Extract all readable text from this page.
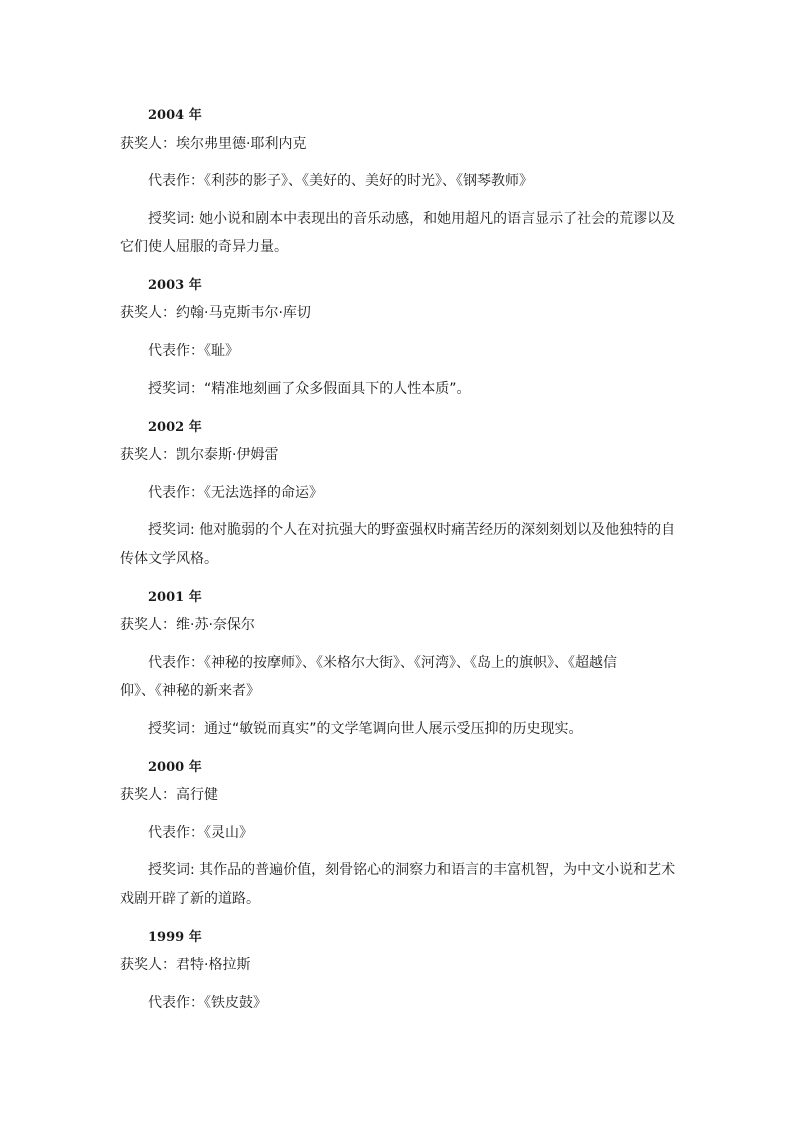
2004 年

获奖人：埃尔弗里德·耶利内克

代表作：《利莎的影子》、《美好的、美好的时光》、《钢琴教师》

授奖词: 她小说和剧本中表现出的音乐动感，和她用超凡的语言显示了社会的荒谬以及

它们使人屈服的奇异力量。

2003 年

获奖人：约翰·马克斯韦尔·库切

代表作：《耻》

授奖词：“精准地刻画了众多假面具下的人性本质”。

2002 年

获奖人：凯尔泰斯·伊姆雷

代表作：《无法选择的命运》

授奖词: 他对脆弱的个人在对抗强大的野蛮强权时痛苦经历的深刻刻划以及他独特的自

传体文学风格。

2001 年

获奖人：维·苏·奈保尔

代表作：《神秘的按摩师》、《米格尔大街》、《河湾》、《岛上的旗帜》、《超越信

仰》、《神秘的新来者》

授奖词：通过“敏锐而真实”的文学笔调向世人展示受压抑的历史现实。

2000 年

获奖人：高行健

代表作：《灵山》

授奖词: 其作品的普遍价值，刻骨铭心的洞察力和语言的丰富机智，为中文小说和艺术

戏剧开辟了新的道路。

1999 年

获奖人：君特·格拉斯

代表作：《铁皮鼓》
